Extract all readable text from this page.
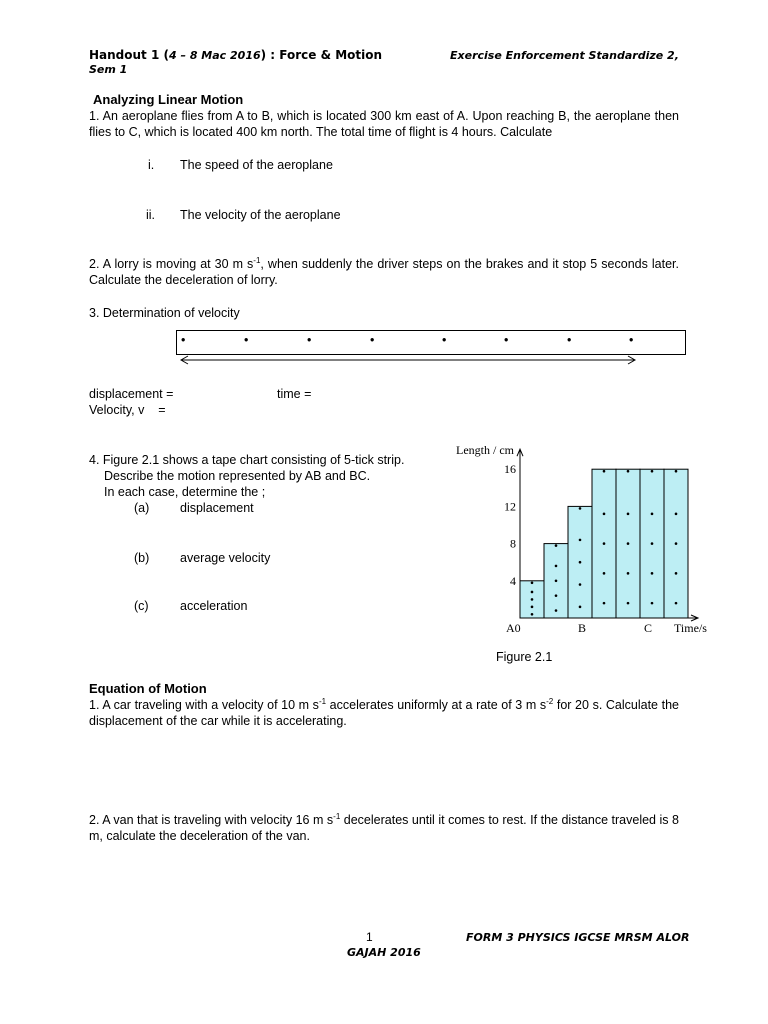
Handout 1 (4 – 8 Mac 2016) : Force & Motion	Exercise Enforcement Standardize 2,
Sem 1
Analyzing Linear Motion
1. An aeroplane flies from A to B, which is located 300 km east of A. Upon reaching B, the aeroplane then flies to C, which is located 400 km north. The total time of flight is 4 hours. Calculate
i. The speed of the aeroplane
ii. The velocity of the aeroplane
2. A lorry is moving at 30 m $s^{-1}$, when suddenly the driver steps on the brakes and it stop 5 seconds later. Calculate the deceleration of lorry.
3. Determination of velocity
•	•	•	•	•	•	•	•
displacement =	time =
Velocity, v    =
4. Figure 2.1 shows a tape chart consisting of 5-tick strip.
Describe the motion represented by AB and BC.
In each case, determine the ;
(a) displacement
(b) average velocity
(c)	acceleration
4
8
12
16
Length / cm
A0	B	C Time/s
Figure 2.1
Equation of Motion
1. A car traveling with a velocity of 10 m $s^{-1}$ accelerates uniformly at a rate of 3 m $s^{-2}$ for 20 s. Calculate the displacement of the car while it is accelerating.
2. A van that is traveling with velocity 16 m $s^{-1}$ decelerates until it comes to rest. If the distance traveled is 8 m, calculate the deceleration of the van.
1	FORM 3 PHYSICS IGCSE MRSM ALOR
GAJAH 2016
